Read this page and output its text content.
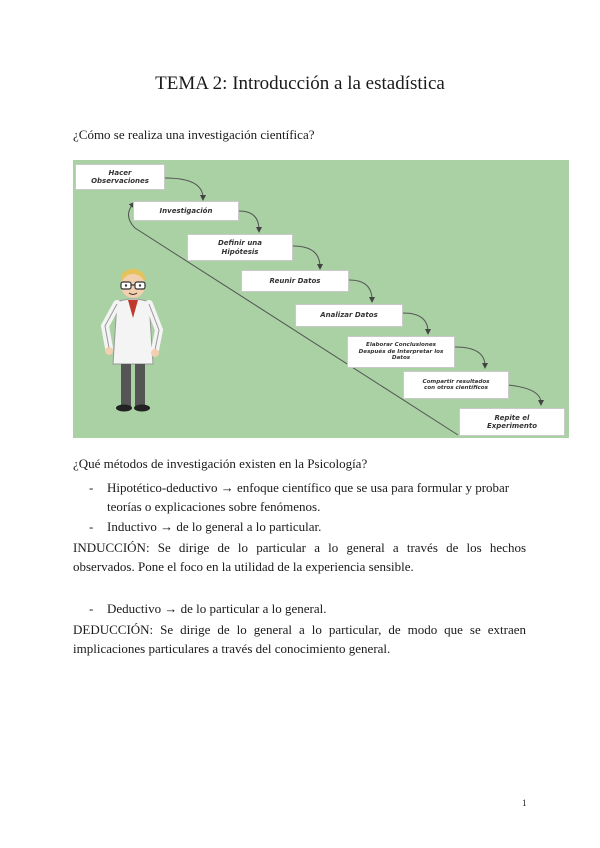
TEMA 2: Introducción a la estadística
¿Cómo se realiza una investigación científica?
Hacer Observaciones
Investigación
Definir una Hipótesis
Reunir Datos
Analizar Datos
Elaborar Conclusiones Después de Interpretar los Datos
Compartir resultados con otros científicos
Repite el Experimento
¿Qué métodos de investigación existen en la Psicología?
- Hipotético-deductivo → enfoque científico que se usa para formular y probar teorías o explicaciones sobre fenómenos.
- Inductivo → de lo general a lo particular.
INDUCCIÓN: Se dirige de lo particular a lo general a través de los hechos observados. Pone el foco en la utilidad de la experiencia sensible.
- Deductivo → de lo particular a lo general.
DEDUCCIÓN: Se dirige de lo general a lo particular, de modo que se extraen implicaciones particulares a través del conocimiento general.
1
